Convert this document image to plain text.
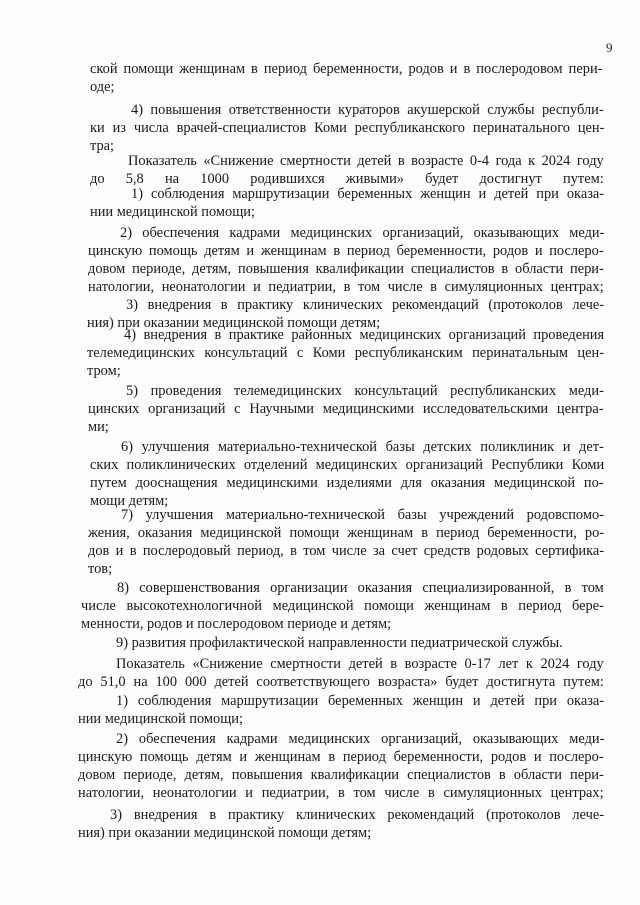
9
ской помощи женщинам в период беременности, родов и в послеродовом пери-
оде;
4) повышения ответственности кураторов акушерской службы республи-
ки из числа врачей-специалистов Коми республиканского перинатального цен-
тра;
Показатель «Снижение смертности детей в возрасте 0-4 года к 2024 году
до 5,8 на 1000 родившихся живыми» будет достигнут путем:
1) соблюдения маршрутизации беременных женщин и детей при оказа-
нии медицинской помощи;
2) обеспечения кадрами медицинских организаций, оказывающих меди-
цинскую помощь детям и женщинам в период беременности, родов и послеро-
довом периоде, детям, повышения квалификации специалистов в области пери-
натологии, неонатологии и педиатрии, в том числе в симуляционных центрах;
3) внедрения в практику клинических рекомендаций (протоколов лече-
ния) при оказании медицинской помощи детям;
4) внедрения в практике районных медицинских организаций проведения
телемедицинских консультаций с Коми республиканским перинатальным цен-
тром;
5) проведения телемедицинских консультаций республиканских меди-
цинских организаций с Научными медицинскими исследовательскими центра-
ми;
6) улучшения материально-технической базы детских поликлиник и дет-
ских поликлинических отделений медицинских организаций Республики Коми
путем дооснащения медицинскими изделиями для оказания медицинской по-
мощи детям;
7) улучшения материально-технической базы учреждений родовспомо-
жения, оказания медицинской помощи женщинам в период беременности, ро-
дов и в послеродовый период, в том числе за счет средств родовых сертифика-
тов;
8) совершенствования организации оказания специализированной, в том
числе высокотехнологичной медицинской помощи женщинам в период бере-
менности, родов и послеродовом периоде и детям;
9) развития профилактической направленности педиатрической службы.
Показатель «Снижение смертности детей в возрасте 0-17 лет к 2024 году
до 51,0 на 100 000 детей соответствующего возраста» будет достигнута путем:
1) соблюдения маршрутизации беременных женщин и детей при оказа-
нии медицинской помощи;
2) обеспечения кадрами медицинских организаций, оказывающих меди-
цинскую помощь детям и женщинам в период беременности, родов и послеро-
довом периоде, детям, повышения квалификации специалистов в области пери-
натологии, неонатологии и педиатрии, в том числе в симуляционных центрах;
3) внедрения в практику клинических рекомендаций (протоколов лече-
ния) при оказании медицинской помощи детям;
